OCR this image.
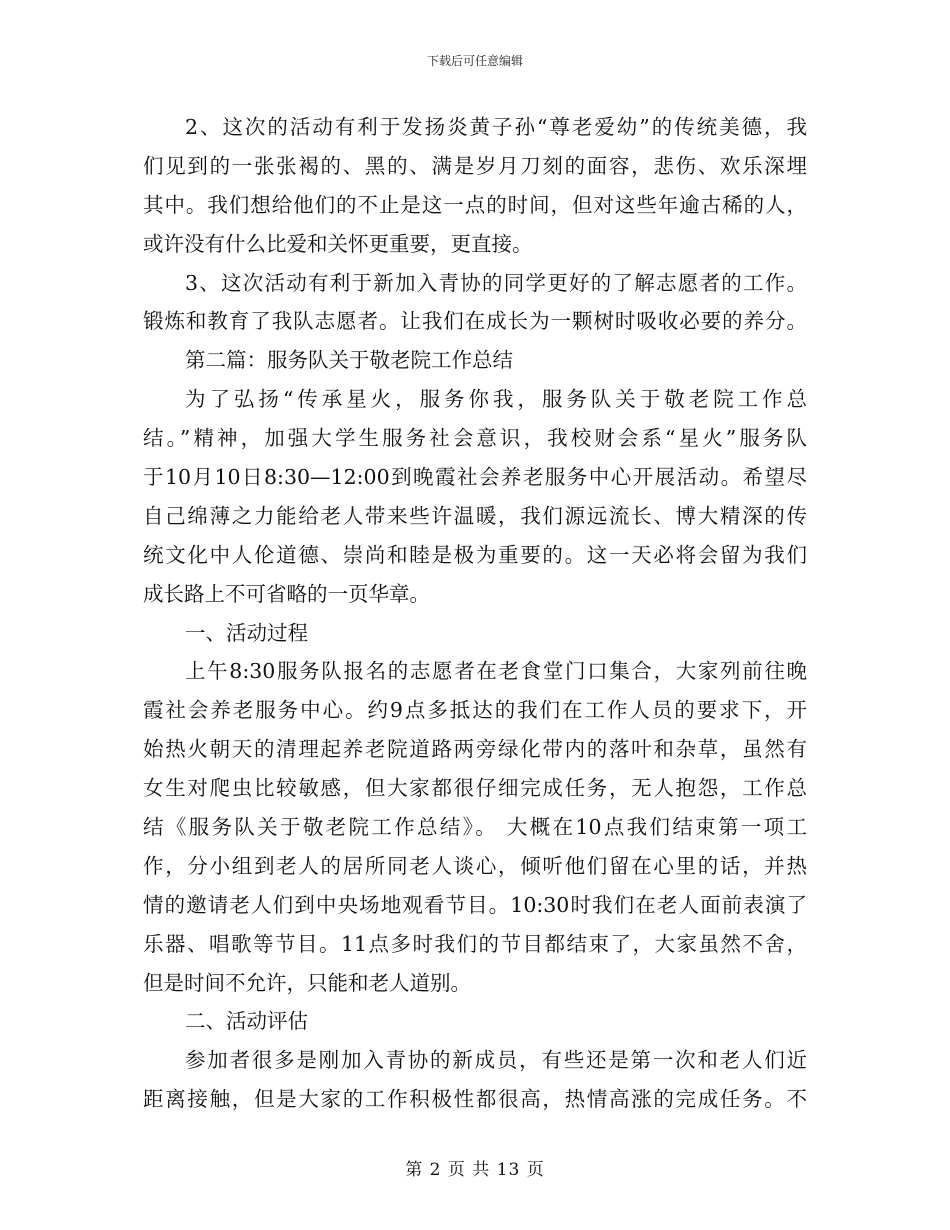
下载后可任意编辑
2、这次的活动有利于发扬炎黄子孙“尊老爱幼”的传统美德，我
们见到的一张张褐的、黑的、满是岁月刀刻的面容，悲伤、欢乐深埋
其中。我们想给他们的不止是这一点的时间，但对这些年逾古稀的人，
或许没有什么比爱和关怀更重要，更直接。
3、这次活动有利于新加入青协的同学更好的了解志愿者的工作。
锻炼和教育了我队志愿者。让我们在成长为一颗树时吸收必要的养分。
第二篇：服务队关于敬老院工作总结
为了弘扬“传承星火，服务你我，服务队关于敬老院工作总
结。”精神，加强大学生服务社会意识，我校财会系“星火”服务队
于10月10日8:30—12:00到晚霞社会养老服务中心开展活动。希望尽
自己绵薄之力能给老人带来些许温暖，我们源远流长、博大精深的传
统文化中人伦道德、崇尚和睦是极为重要的。这一天必将会留为我们
成长路上不可省略的一页华章。
一、活动过程
上午8:30服务队报名的志愿者在老食堂门口集合，大家列前往晚
霞社会养老服务中心。约9点多抵达的我们在工作人员的要求下，开
始热火朝天的清理起养老院道路两旁绿化带内的落叶和杂草，虽然有
女生对爬虫比较敏感，但大家都很仔细完成任务，无人抱怨，工作总
结《服务队关于敬老院工作总结》。 大概在10点我们结束第一项工
作，分小组到老人的居所同老人谈心，倾听他们留在心里的话，并热
情的邀请老人们到中央场地观看节目。10:30时我们在老人面前表演了
乐器、唱歌等节目。11点多时我们的节目都结束了，大家虽然不舍，
但是时间不允许，只能和老人道别。
二、活动评估
参加者很多是刚加入青协的新成员，有些还是第一次和老人们近
距离接触，但是大家的工作积极性都很高，热情高涨的完成任务。不
第 2 页 共 13 页
